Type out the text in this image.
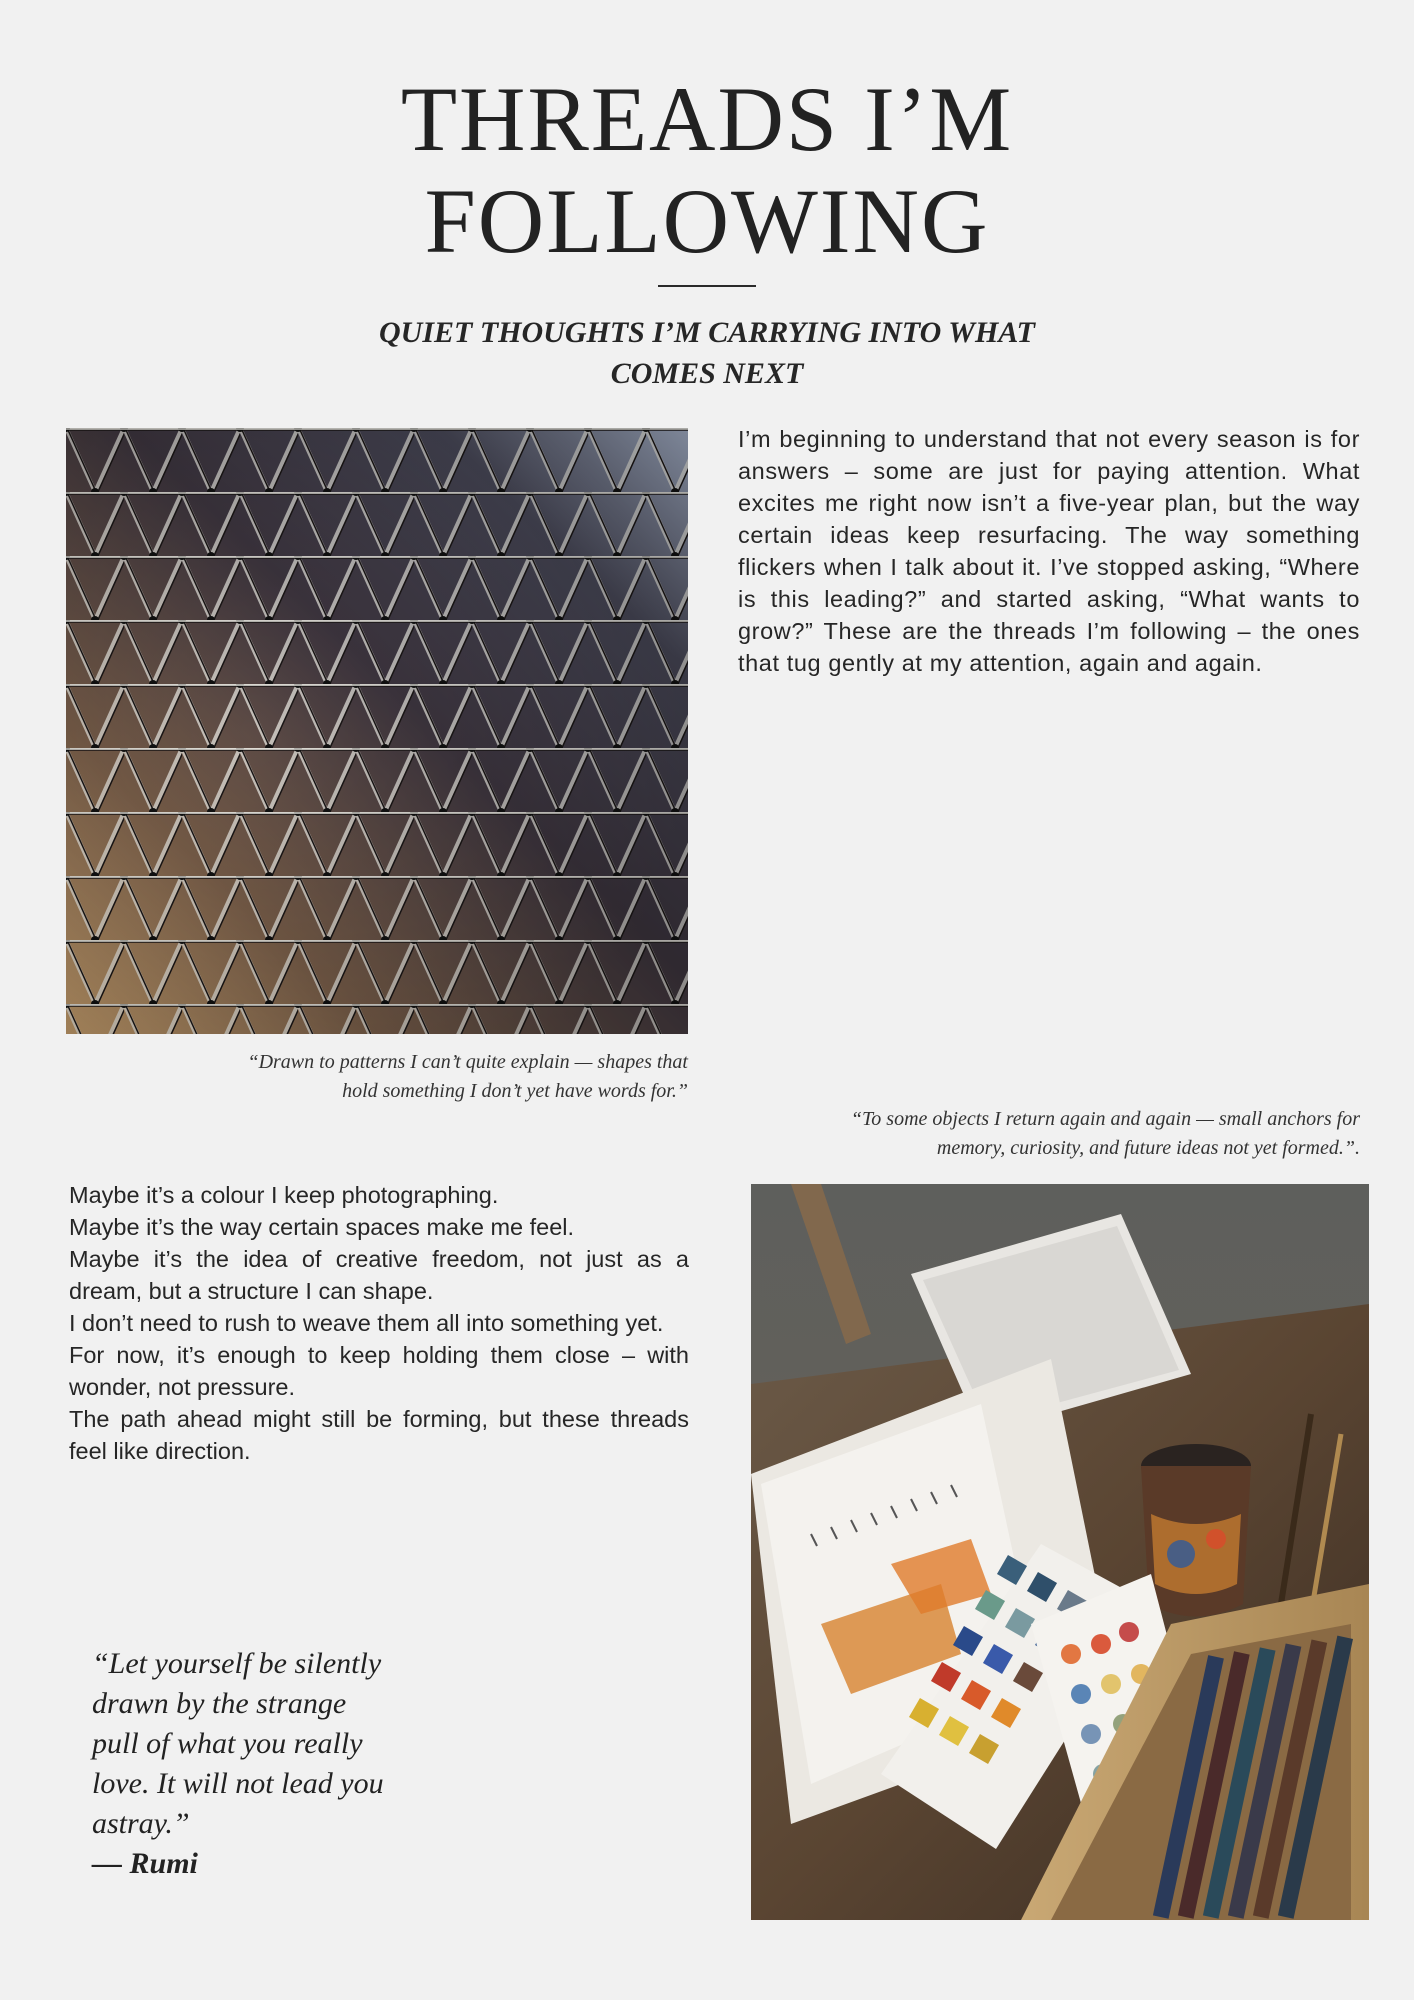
THREADS I’M
FOLLOWING
QUIET THOUGHTS I’M CARRYING INTO WHAT
COMES NEXT

“Drawn to patterns I can’t quite explain — shapes that
hold something I don’t yet have words for.”

I’m beginning to understand that not every season is for answers – some are just for paying attention. What excites me right now isn’t a five-year plan, but the way certain ideas keep resurfacing. The way something flickers when I talk about it. I’ve stopped asking, “Where is this leading?” and started asking, “What wants to grow?” These are the threads I’m following – the ones that tug gently at my attention, again and again.

“To some objects I return again and again — small anchors for
memory, curiosity, and future ideas not yet formed.”.

Maybe it’s a colour I keep photographing.

Maybe it’s the way certain spaces make me feel.

Maybe it’s the idea of creative freedom, not just as a dream, but a structure I can shape.

I don’t need to rush to weave them all into something yet.

For now, it’s enough to keep holding them close – with wonder, not pressure.

The path ahead might still be forming, but these threads feel like direction.

“Let yourself be silently drawn by the strange pull of what you really love. It will not lead you astray.”
— Rumi
